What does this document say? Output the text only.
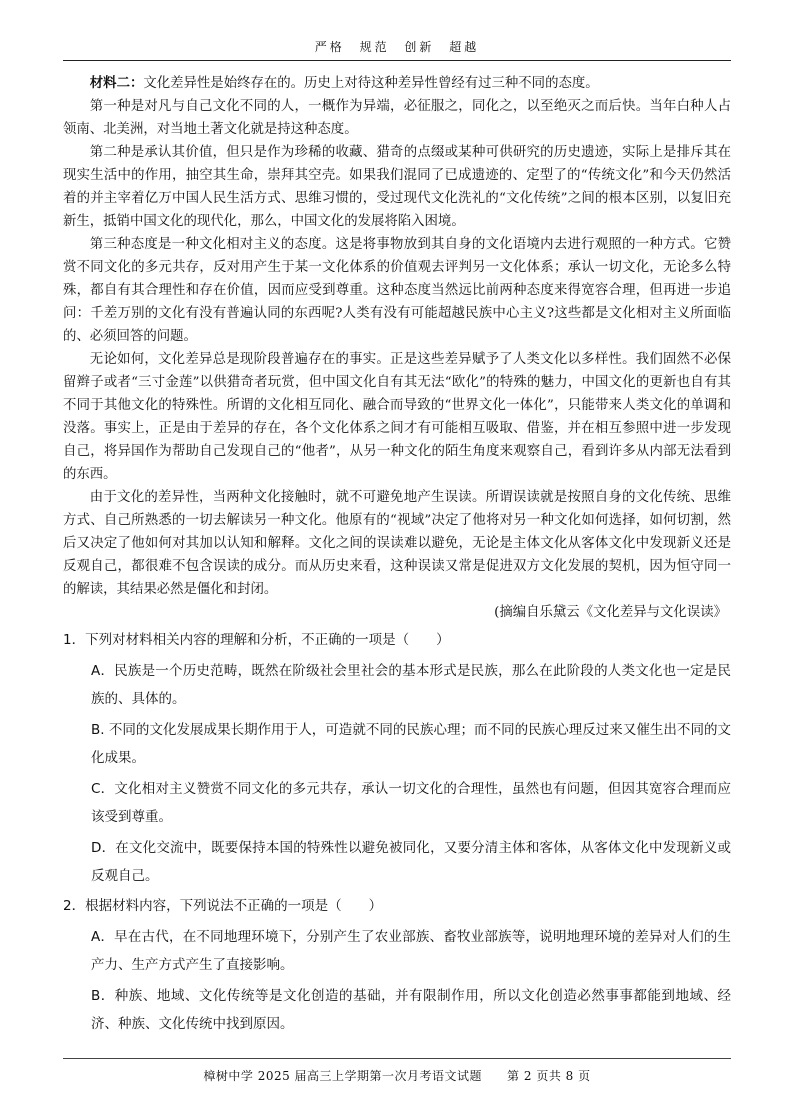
严格 规范 创新 超越

材料二：文化差异性是始终存在的。历史上对待这种差异性曾经有过三种不同的态度。

第一种是对凡与自己文化不同的人，一概作为异端，必征服之，同化之，以至绝灭之而后快。当年白种人占领南、北美洲，对当地土著文化就是持这种态度。

第二种是承认其价值，但只是作为珍稀的收藏、猎奇的点缀或某种可供研究的历史遗迹，实际上是排斥其在现实生活中的作用，抽空其生命，崇拜其空壳。如果我们混同了已成遗迹的、定型了的“传统文化”和今天仍然活着的并主宰着亿万中国人民生活方式、思维习惯的，受过现代文化洗礼的“文化传统”之间的根本区别，以复旧充新生，抵销中国文化的现代化，那么，中国文化的发展将陷入困境。

第三种态度是一种文化相对主义的态度。这是将事物放到其自身的文化语境内去进行观照的一种方式。它赞赏不同文化的多元共存，反对用产生于某一文化体系的价值观去评判另一文化体系；承认一切文化，无论多么特殊，都自有其合理性和存在价值，因而应受到尊重。这种态度当然远比前两种态度来得宽容合理，但再进一步追问：千差万别的文化有没有普遍认同的东西呢?人类有没有可能超越民族中心主义?这些都是文化相对主义所面临的、必须回答的问题。

无论如何，文化差异总是现阶段普遍存在的事实。正是这些差异赋予了人类文化以多样性。我们固然不必保留辫子或者“三寸金莲”以供猎奇者玩赏，但中国文化自有其无法“欧化”的特殊的魅力，中国文化的更新也自有其不同于其他文化的特殊性。所谓的文化相互同化、融合而导致的“世界文化一体化”，只能带来人类文化的单调和没落。事实上，正是由于差异的存在，各个文化体系之间才有可能相互吸取、借鉴，并在相互参照中进一步发现自己，将异国作为帮助自己发现自己的“他者”，从另一种文化的陌生角度来观察自己，看到许多从内部无法看到的东西。

由于文化的差异性，当两种文化接触时，就不可避免地产生误读。所谓误读就是按照自身的文化传统、思维方式、自己所熟悉的一切去解读另一种文化。他原有的“视域”决定了他将对另一种文化如何选择，如何切割，然后又决定了他如何对其加以认知和解释。文化之间的误读难以避免，无论是主体文化从客体文化中发现新义还是反观自己，都很难不包含误读的成分。而从历史来看，这种误读又常是促进双方文化发展的契机，因为恒守同一的解读，其结果必然是僵化和封闭。

(摘编自乐黛云《文化差异与文化误读》

1．下列对材料相关内容的理解和分析，不正确的一项是（　　）

A．民族是一个历史范畴，既然在阶级社会里社会的基本形式是民族，那么在此阶段的人类文化也一定是民族的、具体的。

B. 不同的文化发展成果长期作用于人，可造就不同的民族心理；而不同的民族心理反过来又催生出不同的文化成果。

C．文化相对主义赞赏不同文化的多元共存，承认一切文化的合理性，虽然也有问题，但因其宽容合理而应该受到尊重。

D．在文化交流中，既要保持本国的特殊性以避免被同化，又要分清主体和客体，从客体文化中发现新义或反观自己。

2．根据材料内容，下列说法不正确的一项是（　　）

A．早在古代，在不同地理环境下，分别产生了农业部族、畜牧业部族等，说明地理环境的差异对人们的生产力、生产方式产生了直接影响。

B．种族、地域、文化传统等是文化创造的基础，并有限制作用，所以文化创造必然事事都能到地域、经济、种族、文化传统中找到原因。

樟树中学 2025 届高三上学期第一次月考语文试题　　第 2 页共 8 页
